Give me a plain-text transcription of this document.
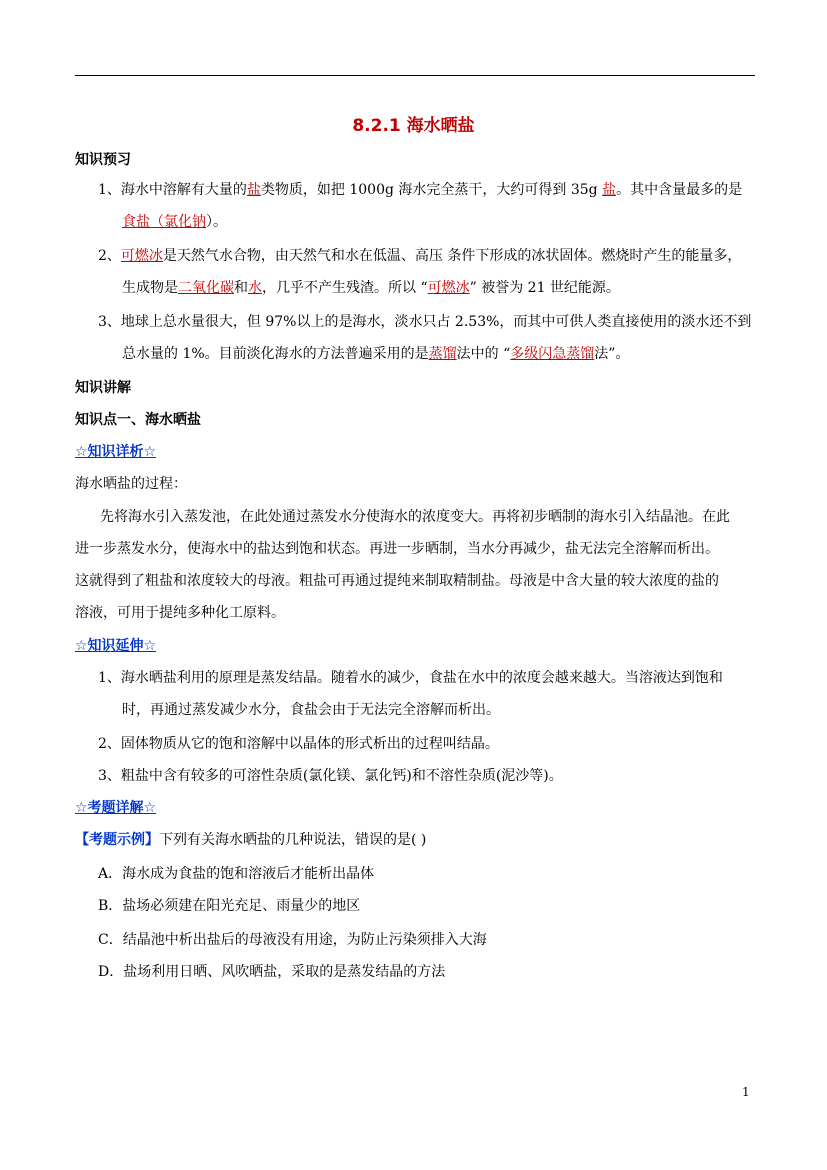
8.2.1 海水晒盐
知识预习
1、海水中溶解有大量的盐类物质，如把 1000g 海水完全蒸干，大约可得到 35g 盐。其中含量最多的是
食盐（氯化钠）。
2、可燃冰是天然气水合物，由天然气和水在低温、高压 条件下形成的冰状固体。燃烧时产生的能量多，
生成物是二氧化碳和水，几乎不产生残渣。所以 “可燃冰” 被誉为 21 世纪能源。
3、地球上总水量很大，但 97%以上的是海水，淡水只占 2.53%，而其中可供人类直接使用的淡水还不到
总水量的 1%。目前淡化海水的方法普遍采用的是蒸馏法中的 “多级闪急蒸馏法”。
知识讲解
知识点一、海水晒盐
☆知识详析☆
海水晒盐的过程：
先将海水引入蒸发池，在此处通过蒸发水分使海水的浓度变大。再将初步晒制的海水引入结晶池。在此
进一步蒸发水分，使海水中的盐达到饱和状态。再进一步晒制，当水分再减少，盐无法完全溶解而析出。
这就得到了粗盐和浓度较大的母液。粗盐可再通过提纯来制取精制盐。母液是中含大量的较大浓度的盐的
溶液，可用于提纯多种化工原料。
☆知识延伸☆
1、海水晒盐利用的原理是蒸发结晶。随着水的减少，食盐在水中的浓度会越来越大。当溶液达到饱和
时，再通过蒸发减少水分，食盐会由于无法完全溶解而析出。
2、固体物质从它的饱和溶解中以晶体的形式析出的过程叫结晶。
3、粗盐中含有较多的可溶性杂质(氯化镁、氯化钙)和不溶性杂质(泥沙等)。
☆考题详解☆
【考题示例】下列有关海水晒盐的几种说法，错误的是( )
A．海水成为食盐的饱和溶液后才能析出晶体
B．盐场必须建在阳光充足、雨量少的地区
C．结晶池中析出盐后的母液没有用途，为防止污染须排入大海
D．盐场利用日晒、风吹晒盐，采取的是蒸发结晶的方法
1
